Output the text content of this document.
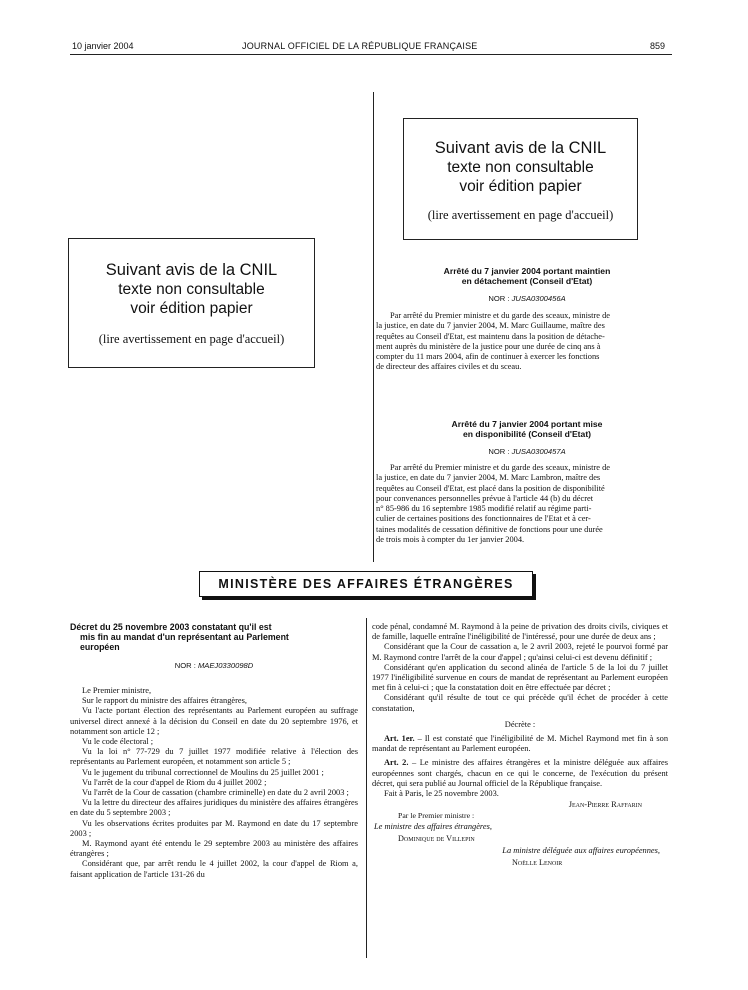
10 janvier 2004	JOURNAL OFFICIEL DE LA RÉPUBLIQUE FRANÇAISE	859
Suivant avis de la CNIL
texte non consultable
voir édition papier
(lire avertissement en page d'accueil)
Suivant avis de la CNIL
texte non consultable
voir édition papier
(lire avertissement en page d'accueil)
Arrêté du 7 janvier 2004 portant maintien
en détachement (Conseil d'Etat)
NOR : JUSA0300456A
Par arrêté du Premier ministre et du garde des sceaux, ministre de
la justice, en date du 7 janvier 2004, M. Marc Guillaume, maître des
requêtes au Conseil d'Etat, est maintenu dans la position de détache-
ment auprès du ministère de la justice pour une durée de cinq ans à
compter du 11 mars 2004, afin de continuer à exercer les fonctions
de directeur des affaires civiles et du sceau.
Arrêté du 7 janvier 2004 portant mise
en disponibilité (Conseil d'Etat)
NOR : JUSA0300457A
Par arrêté du Premier ministre et du garde des sceaux, ministre de
la justice, en date du 7 janvier 2004, M. Marc Lambron, maître des
requêtes au Conseil d'Etat, est placé dans la position de disponibilité
pour convenances personnelles prévue à l'article 44 (b) du décret
n° 85-986 du 16 septembre 1985 modifié relatif au régime parti-
culier de certaines positions des fonctionnaires de l'Etat et à cer-
taines modalités de cessation définitive de fonctions pour une durée
de trois mois à compter du 1er janvier 2004.
MINISTÈRE DES AFFAIRES ÉTRANGÈRES
Décret du 25 novembre 2003 constatant qu'il est
mis fin au mandat d'un représentant au Parlement
européen
NOR : MAEJ0330098D

Le Premier ministre,

Sur le rapport du ministre des affaires étrangères,

Vu l'acte portant élection des représentants au Parlement européen au suffrage universel direct annexé à la décision du Conseil en date du 20 septembre 1976, et notamment son article 12 ;

Vu le code électoral ;

Vu la loi n° 77-729 du 7 juillet 1977 modifiée relative à l'élection des représentants au Parlement européen, et notamment son article 5 ;

Vu le jugement du tribunal correctionnel de Moulins du 25 juillet 2001 ;

Vu l'arrêt de la cour d'appel de Riom du 4 juillet 2002 ;

Vu l'arrêt de la Cour de cassation (chambre criminelle) en date du 2 avril 2003 ;

Vu la lettre du directeur des affaires juridiques du ministère des affaires étrangères en date du 5 septembre 2003 ;

Vu les observations écrites produites par M. Raymond en date du 17 septembre 2003 ;

M. Raymond ayant été entendu le 29 septembre 2003 au ministère des affaires étrangères ;

Considérant que, par arrêt rendu le 4 juillet 2002, la cour d'appel de Riom a, faisant application de l'article 131-26 du

code pénal, condamné M. Raymond à la peine de privation des droits civils, civiques et de famille, laquelle entraîne l'inéligibilité de l'intéressé, pour une durée de deux ans ;

Considérant que la Cour de cassation a, le 2 avril 2003, rejeté le pourvoi formé par M. Raymond contre l'arrêt de la cour d'appel ; qu'ainsi celui-ci est devenu définitif ;

Considérant qu'en application du second alinéa de l'article 5 de la loi du 7 juillet 1977 l'inéligibilité survenue en cours de mandat de représentant au Parlement européen met fin à celui-ci ; que la constatation doit en être effectuée par décret ;

Considérant qu'il résulte de tout ce qui précède qu'il échet de procéder à cette constatation,

Décrète :

Art. 1er. – Il est constaté que l'inéligibilité de M. Michel Raymond met fin à son mandat de représentant au Parlement européen.

Art. 2. – Le ministre des affaires étrangères et la ministre déléguée aux affaires européennes sont chargés, chacun en ce qui le concerne, de l'exécution du présent décret, qui sera publié au Journal officiel de la République française.

Fait à Paris, le 25 novembre 2003.

Jean-Pierre Raffarin
Par le Premier ministre :
Le ministre des affaires étrangères,
Dominique de Villepin
La ministre déléguée aux affaires européennes,
Noëlle Lenoir
